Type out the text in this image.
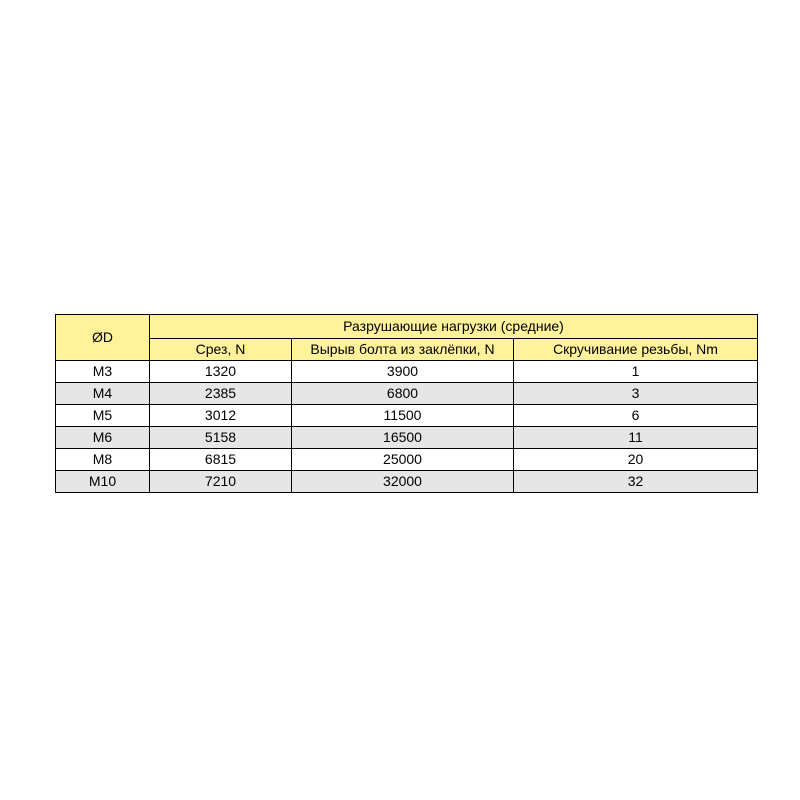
ØD	Разрушающие нагрузки (средние)		
	Срез, N	Вырыв болта из заклёпки, N	Скручивание резьбы, Nm
M3	1320	3900	1
M4	2385	6800	3
M5	3012	11500	6
M6	5158	16500	11
M8	6815	25000	20
M10	7210	32000	32
